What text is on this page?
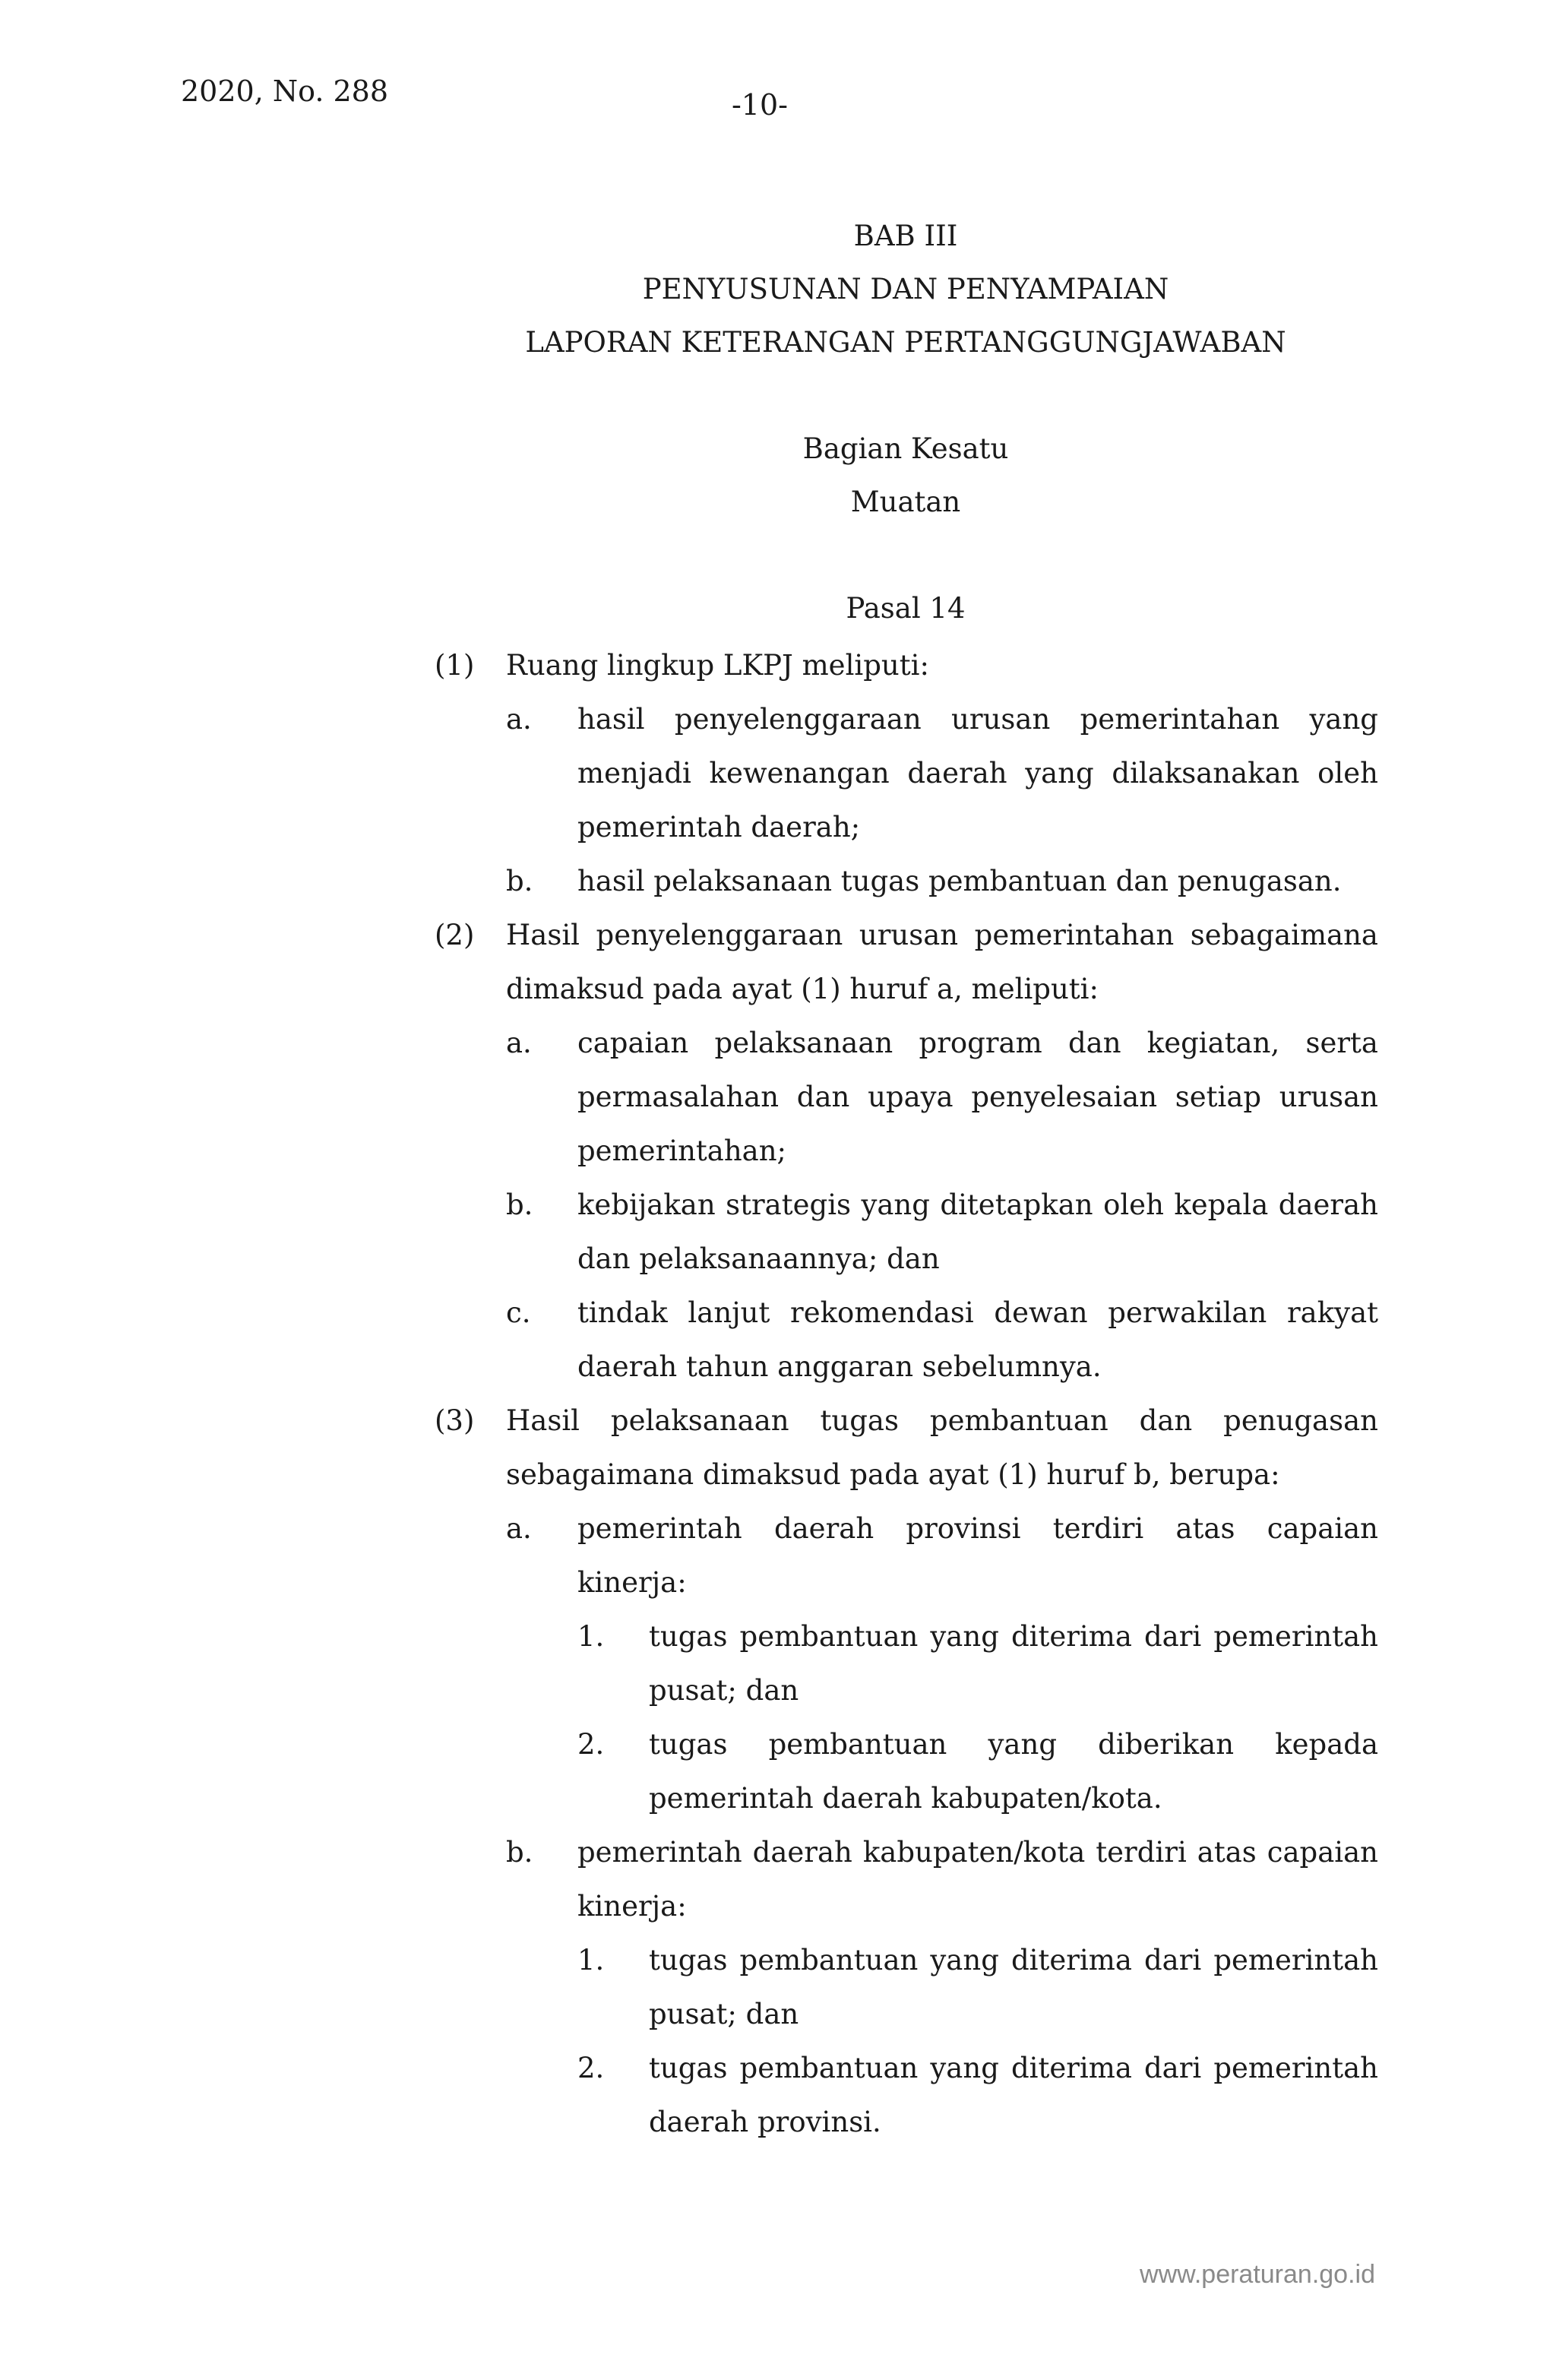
2020, No. 288	-10-
BAB III
PENYUSUNAN DAN PENYAMPAIAN
LAPORAN KETERANGAN PERTANGGUNGJAWABAN
Bagian Kesatu
Muatan
Pasal 14
(1) Ruang lingkup LKPJ meliputi:
a. hasil penyelenggaraan urusan pemerintahan yang menjadi kewenangan daerah yang dilaksanakan oleh pemerintah daerah;
b. hasil pelaksanaan tugas pembantuan dan penugasan.
(2) Hasil penyelenggaraan urusan pemerintahan sebagaimana dimaksud pada ayat (1) huruf a, meliputi:
a. capaian pelaksanaan program dan kegiatan, serta permasalahan dan upaya penyelesaian setiap urusan pemerintahan;
b. kebijakan strategis yang ditetapkan oleh kepala daerah dan pelaksanaannya; dan
c. tindak lanjut rekomendasi dewan perwakilan rakyat daerah tahun anggaran sebelumnya.
(3) Hasil pelaksanaan tugas pembantuan dan penugasan sebagaimana dimaksud pada ayat (1) huruf b, berupa:
a. pemerintah daerah provinsi terdiri atas capaian kinerja:
1. tugas pembantuan yang diterima dari pemerintah pusat; dan
2. tugas pembantuan yang diberikan kepada pemerintah daerah kabupaten/kota.
b. pemerintah daerah kabupaten/kota terdiri atas capaian kinerja:
1. tugas pembantuan yang diterima dari pemerintah pusat; dan
2. tugas pembantuan yang diterima dari pemerintah daerah provinsi.
www.peraturan.go.id
